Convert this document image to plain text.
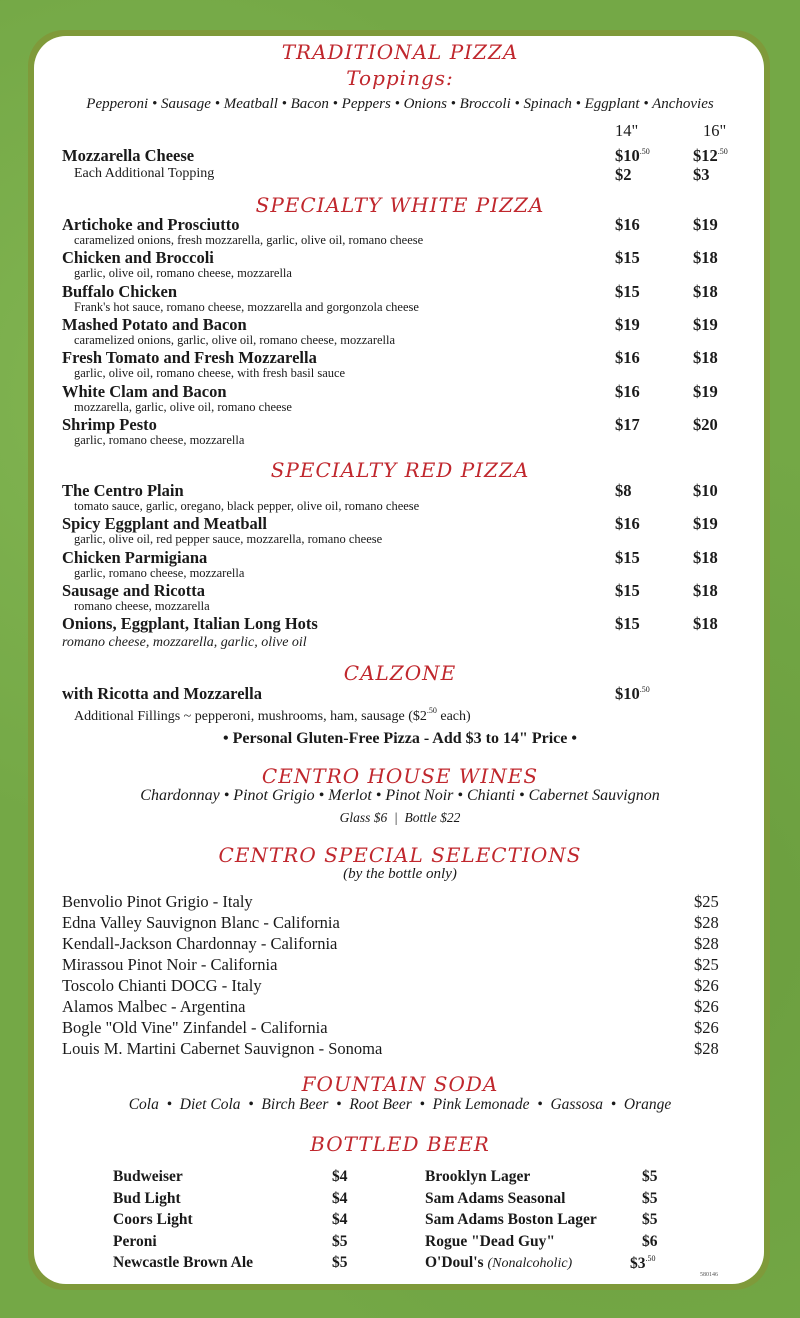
TRADITIONAL PIZZA
Toppings:
Pepperoni • Sausage • Meatball • Bacon • Peppers • Onions • Broccoli • Spinach • Eggplant • Anchovies
14"	16"
Mozzarella Cheese	$\$10^{.50}$	$\$12^{.50}$
Each Additional Topping	$2	$3
SPECIALTY WHITE PIZZA
Artichoke and Prosciutto
caramelized onions, fresh mozzarella, garlic, olive oil, romano cheese
$16	$19
Chicken and Broccoli
garlic, olive oil, romano cheese, mozzarella
$15	$18
Buffalo Chicken
Frank's hot sauce, romano cheese, mozzarella and gorgonzola cheese
$15	$18
Mashed Potato and Bacon
caramelized onions, garlic, olive oil, romano cheese, mozzarella
$19	$19
Fresh Tomato and Fresh Mozzarella
garlic, olive oil, romano cheese, with fresh basil sauce
$16	$18
White Clam and Bacon
mozzarella, garlic, olive oil, romano cheese
$16	$19
Shrimp Pesto
garlic, romano cheese, mozzarella
$17	$20
SPECIALTY RED PIZZA
The Centro Plain
tomato sauce, garlic, oregano, black pepper, olive oil, romano cheese
$8	$10
Spicy Eggplant and Meatball
garlic, olive oil, red pepper sauce, mozzarella, romano cheese
$16	$19
Chicken Parmigiana
garlic, romano cheese, mozzarella
$15	$18
Sausage and Ricotta
romano cheese, mozzarella
$15	$18
Onions, Eggplant, Italian Long Hots
romano cheese, mozzarella, garlic, olive oil
$15	$18
CALZONE
with Ricotta and Mozzarella	$\$10^{.50}$
Additional Fillings ~ pepperoni, mushrooms, ham, sausage ($\$2^{.50}$ each)
• Personal Gluten-Free Pizza - Add $3 to 14" Price •
CENTRO HOUSE WINES
Chardonnay • Pinot Grigio • Merlot • Pinot Noir • Chianti • Cabernet Sauvignon
Glass $6  |  Bottle $22
CENTRO SPECIAL SELECTIONS
(by the bottle only)
Benvolio Pinot Grigio - Italy	$25
Edna Valley Sauvignon Blanc - California	$28
Kendall-Jackson Chardonnay - California	$28
Mirassou Pinot Noir - California	$25
Toscolo Chianti DOCG - Italy	$26
Alamos Malbec - Argentina	$26
Bogle "Old Vine" Zinfandel - California	$26
Louis M. Martini Cabernet Sauvignon - Sonoma	$28
FOUNTAIN SODA
Cola  •  Diet Cola  •  Birch Beer  •  Root Beer  •  Pink Lemonade  •  Gassosa  •  Orange
BOTTLED BEER
Budweiser	$4
Bud Light	$4
Coors Light	$4
Peroni	$5
Newcastle Brown Ale	$5
Brooklyn Lager	$5
Sam Adams Seasonal	$5
Sam Adams Boston Lager	$5
Rogue "Dead Guy"	$6
O'Doul's (Nonalcoholic)	$\$3^{.50}$
580146
